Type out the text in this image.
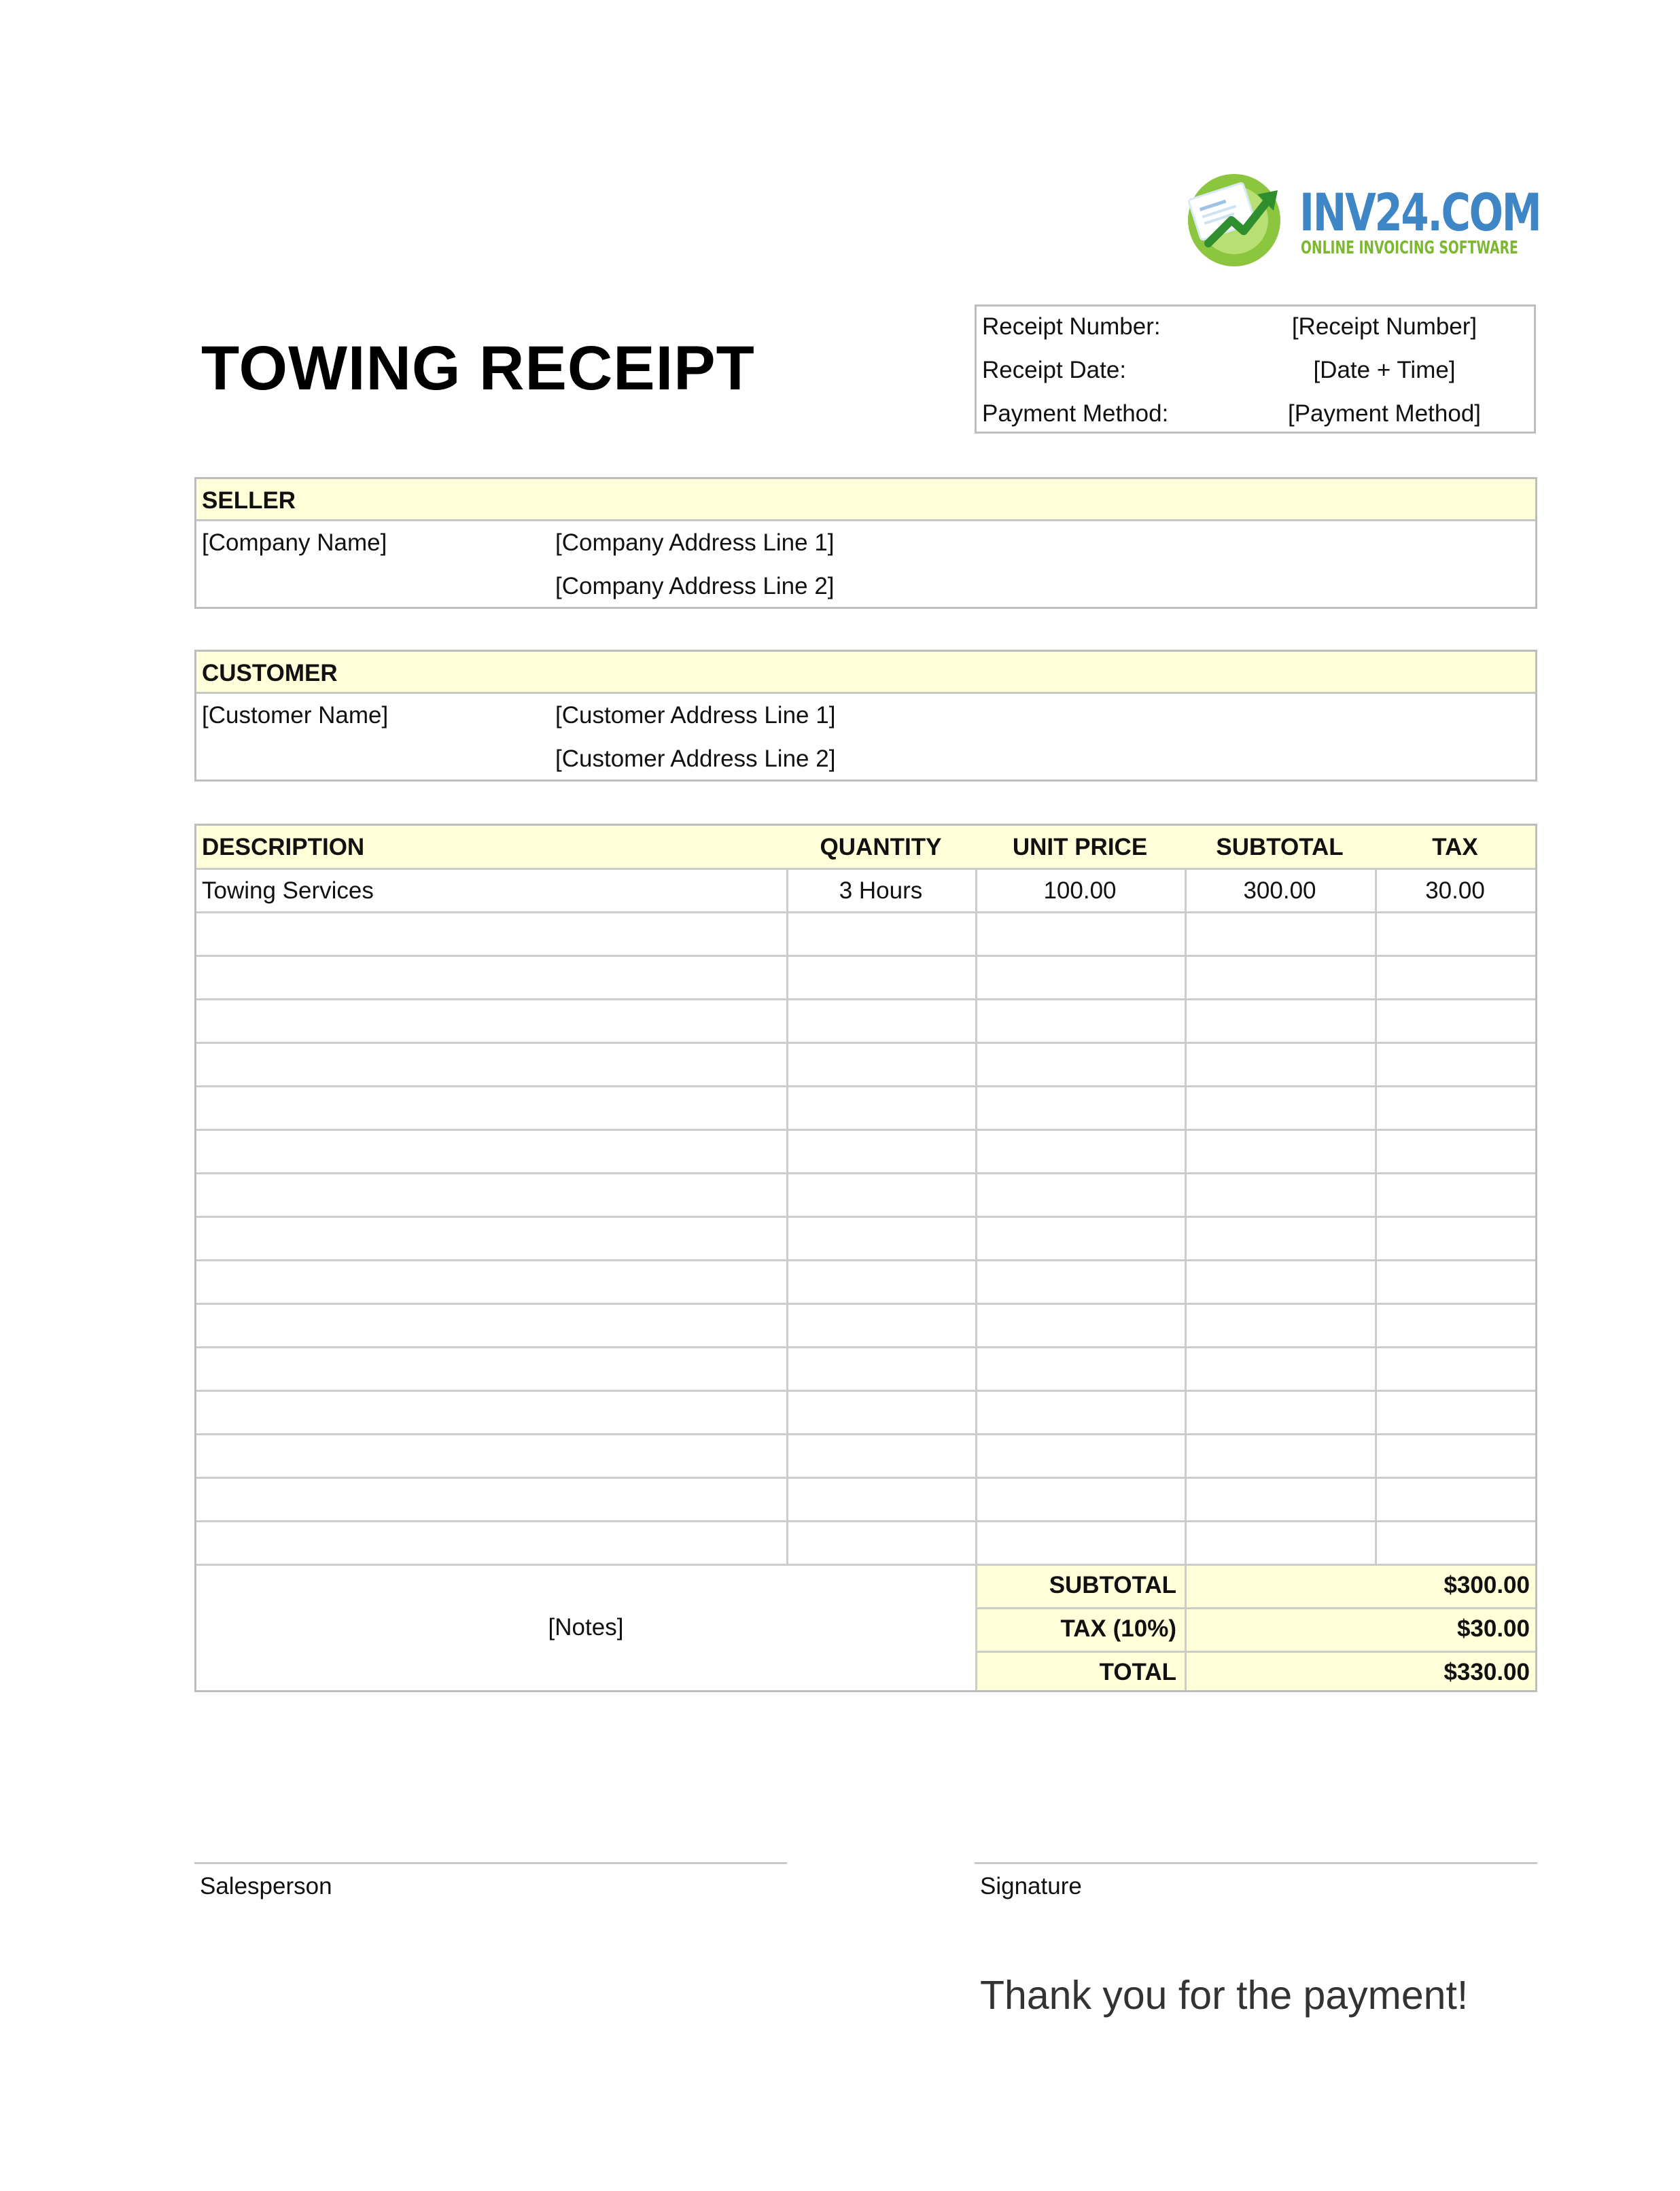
INV24.COM
ONLINE INVOICING SOFTWARE
TOWING RECEIPT
Receipt Number:	[Receipt Number]
Receipt Date:	[Date + Time]
Payment Method:	[Payment Method]
SELLER
[Company Name]	[Company Address Line 1]
[Company Address Line 2]
CUSTOMER
[Customer Name]	[Customer Address Line 1]
[Customer Address Line 2]
DESCRIPTION	QUANTITY	UNIT PRICE	SUBTOTAL	TAX
Towing Services	3 Hours	100.00	300.00	30.00
[Notes]
SUBTOTAL	$300.00
TAX (10%)	$30.00
TOTAL	$330.00
Salesperson	Signature
Thank you for the payment!
